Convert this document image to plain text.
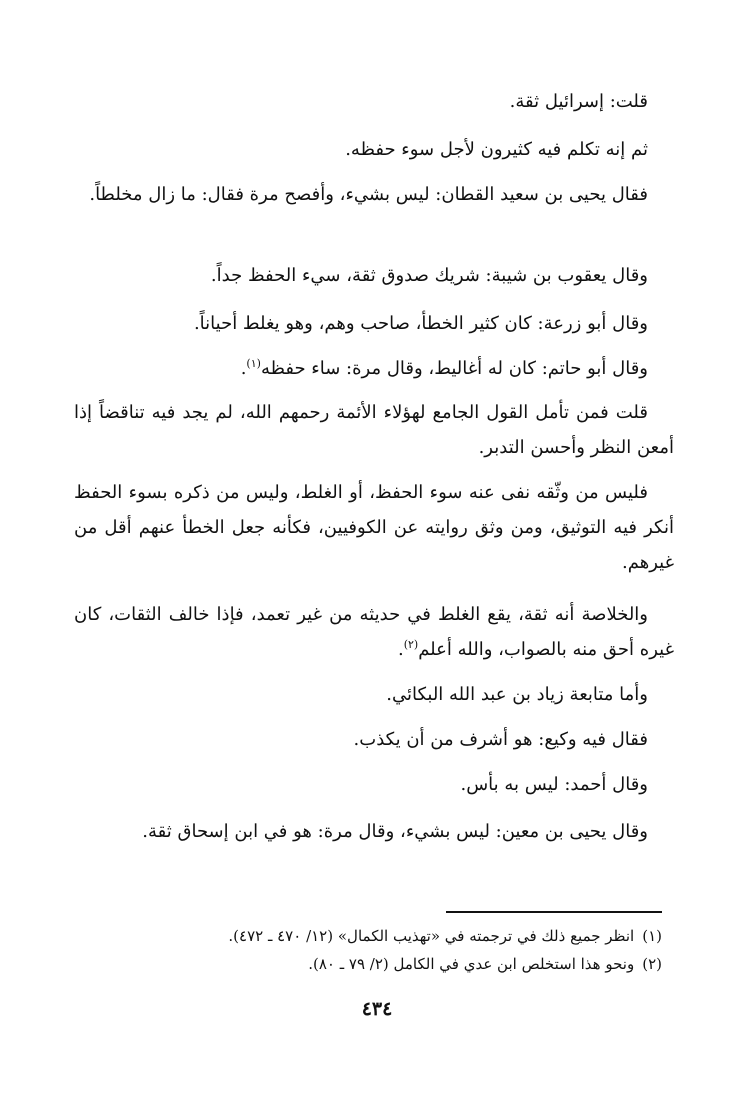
قلت: إسرائيل ثقة.

ثم إنه تكلم فيه كثيرون لأجل سوء حفظه.

فقال يحيى بن سعيد القطان: ليس بشيء، وأفصح مرة فقال: ما زال مخلطاً.

وقال يعقوب بن شيبة: شريك صدوق ثقة، سيء الحفظ جداً.

وقال أبو زرعة: كان كثير الخطأ، صاحب وهم، وهو يغلط أحياناً.

وقال أبو حاتم: كان له أغاليط، وقال مرة: ساء حفظه$^{(١)}$.

قلت فمن تأمل القول الجامع لهؤلاء الأئمة رحمهم الله، لم يجد فيه تناقضاً إذا أمعن النظر وأحسن التدبر.

فليس من وثّقه نفى عنه سوء الحفظ، أو الغلط، وليس من ذكره بسوء الحفظ أنكر فيه التوثيق، ومن وثق روايته عن الكوفيين، فكأنه جعل الخطأ عنهم أقل من غيرهم.

والخلاصة أنه ثقة، يقع الغلط في حديثه من غير تعمد، فإذا خالف الثقات، كان غيره أحق منه بالصواب، والله أعلم$^{(٢)}$.

وأما متابعة زياد بن عبد الله البكائي.

فقال فيه وكيع: هو أشرف من أن يكذب.

وقال أحمد: ليس به بأس.

وقال يحيى بن معين: ليس بشيء، وقال مرة: هو في ابن إسحاق ثقة.

(١)انظر جميع ذلك في ترجمته في «تهذيب الكمال» (١٢/ ٤٧٠ ـ ٤٧٢).

(٢)ونحو هذا استخلص ابن عدي في الكامل (٢/ ٧٩ ـ ٨٠).

٤٣٤
